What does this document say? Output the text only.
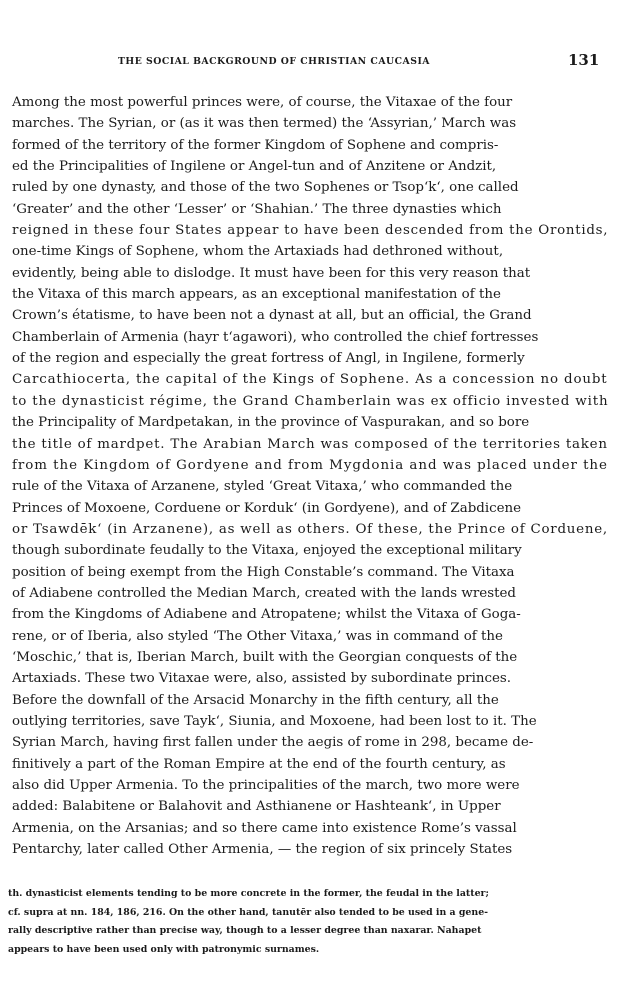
THE SOCIAL BACKGROUND OF CHRISTIAN CAUCASIA	131
Among the most powerful princes were, of course, the Vitaxae of the four
marches. The Syrian, or (as it was then termed) the ‘Assyrian,’ March was
formed of the territory of the former Kingdom of Sophene and compris-
ed the Principalities of Ingilene or Angel-tun and of Anzitene or Andzit,
ruled by one dynasty, and those of the two Sophenes or Tsop‘k‘, one called
‘Greater’ and the other ‘Lesser’ or ‘Shahian.’ The three dynasties which
reigned in these four States appear to have been descended from the Orontids,
one-time Kings of Sophene, whom the Artaxiads had dethroned without,
evidently, being able to dislodge. It must have been for this very reason that
the Vitaxa of this march appears, as an exceptional manifestation of the
Crown’s étatisme, to have been not a dynast at all, but an official, the Grand
Chamberlain of Armenia (hayr t‘agawori), who controlled the chief fortresses
of the region and especially the great fortress of Angl, in Ingilene, formerly
Carcathiocerta, the capital of the Kings of Sophene. As a concession no doubt
to the dynasticist régime, the Grand Chamberlain was ex officio invested with
the Principality of Mardpetakan, in the province of Vaspurakan, and so bore
the title of mardpet. The Arabian March was composed of the territories taken
from the Kingdom of Gordyene and from Mygdonia and was placed under the
rule of the Vitaxa of Arzanene, styled ‘Great Vitaxa,’ who commanded the
Princes of Moxoene, Corduene or Korduk‘ (in Gordyene), and of Zabdicene
or Tsawdēk‘ (in Arzanene), as well as others. Of these, the Prince of Corduene,
though subordinate feudally to the Vitaxa, enjoyed the exceptional military
position of being exempt from the High Constable’s command. The Vitaxa
of Adiabene controlled the Median March, created with the lands wrested
from the Kingdoms of Adiabene and Atropatene; whilst the Vitaxa of Goga-
rene, or of Iberia, also styled ‘The Other Vitaxa,’ was in command of the
‘Moschic,’ that is, Iberian March, built with the Georgian conquests of the
Artaxiads. These two Vitaxae were, also, assisted by subordinate princes.
Before the downfall of the Arsacid Monarchy in the fifth century, all the
outlying territories, save Tayk‘, Siunia, and Moxoene, had been lost to it. The
Syrian March, having first fallen under the aegis of rome in 298, became de-
finitively a part of the Roman Empire at the end of the fourth century, as
also did Upper Armenia. To the principalities of the march, two more were
added: Balabitene or Balahovit and Asthianene or Hashteank‘, in Upper
Armenia, on the Arsanias; and so there came into existence Rome’s vassal
Pentarchy, later called Other Armenia, — the region of six princely States
th. dynasticist elements tending to be more concrete in the former, the feudal in the latter;
cf. supra at nn. 184, 186, 216. On the other hand, tanutēr also tended to be used in a gene-
rally descriptive rather than precise way, though to a lesser degree than naxarar. Nahapet
appears to have been used only with patronymic surnames.
